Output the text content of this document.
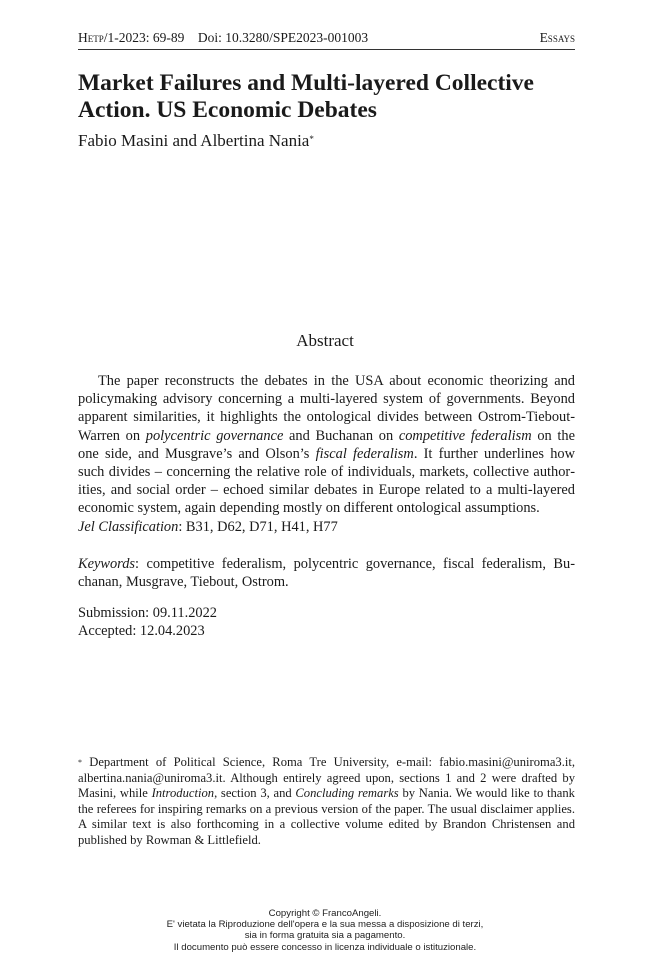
Hetp/1-2023: 69-89 Doi: 10.3280/SPE2023-001003	Essays
Market Failures and Multi-layered Collective Action. US Economic Debates
Fabio Masini and Albertina Nania*
Abstract

The paper reconstructs the debates in the USA about economic theorizing and policymaking advisory concerning a multi-layered system of governments. Beyond apparent similarities, it highlights the ontological divides between Ostrom-Tiebout-Warren on polycentric governance and Buchanan on competitive federalism on the one side, and Musgrave’s and Olson’s fiscal federalism. It further underlines how such divides – concerning the relative role of individuals, markets, collective authorities, and social order – echoed similar debates in Europe related to a multi-layered economic system, again depending mostly on different ontological assumptions.

Jel Classification: B31, D62, D71, H41, H77

Keywords: competitive federalism, polycentric governance, fiscal federalism, Buchanan, Musgrave, Tiebout, Ostrom.

Submission: 09.11.2022
Accepted: 12.04.2023

* Department of Political Science, Roma Tre University, e-mail: fabio.masini@uniroma3.it, albertina.nania@uniroma3.it. Although entirely agreed upon, sections 1 and 2 were drafted by Masini, while Introduction, section 3, and Concluding remarks by Nania. We would like to thank the referees for inspiring remarks on a previous version of the paper. The usual disclaimer applies. A similar text is also forthcoming in a collective volume edited by Brandon Christensen and published by Rowman & Littlefield.

Copyright © FrancoAngeli.
E' vietata la Riproduzione dell'opera e la sua messa a disposizione di terzi,
sia in forma gratuita sia a pagamento.
Il documento può essere concesso in licenza individuale o istituzionale.
